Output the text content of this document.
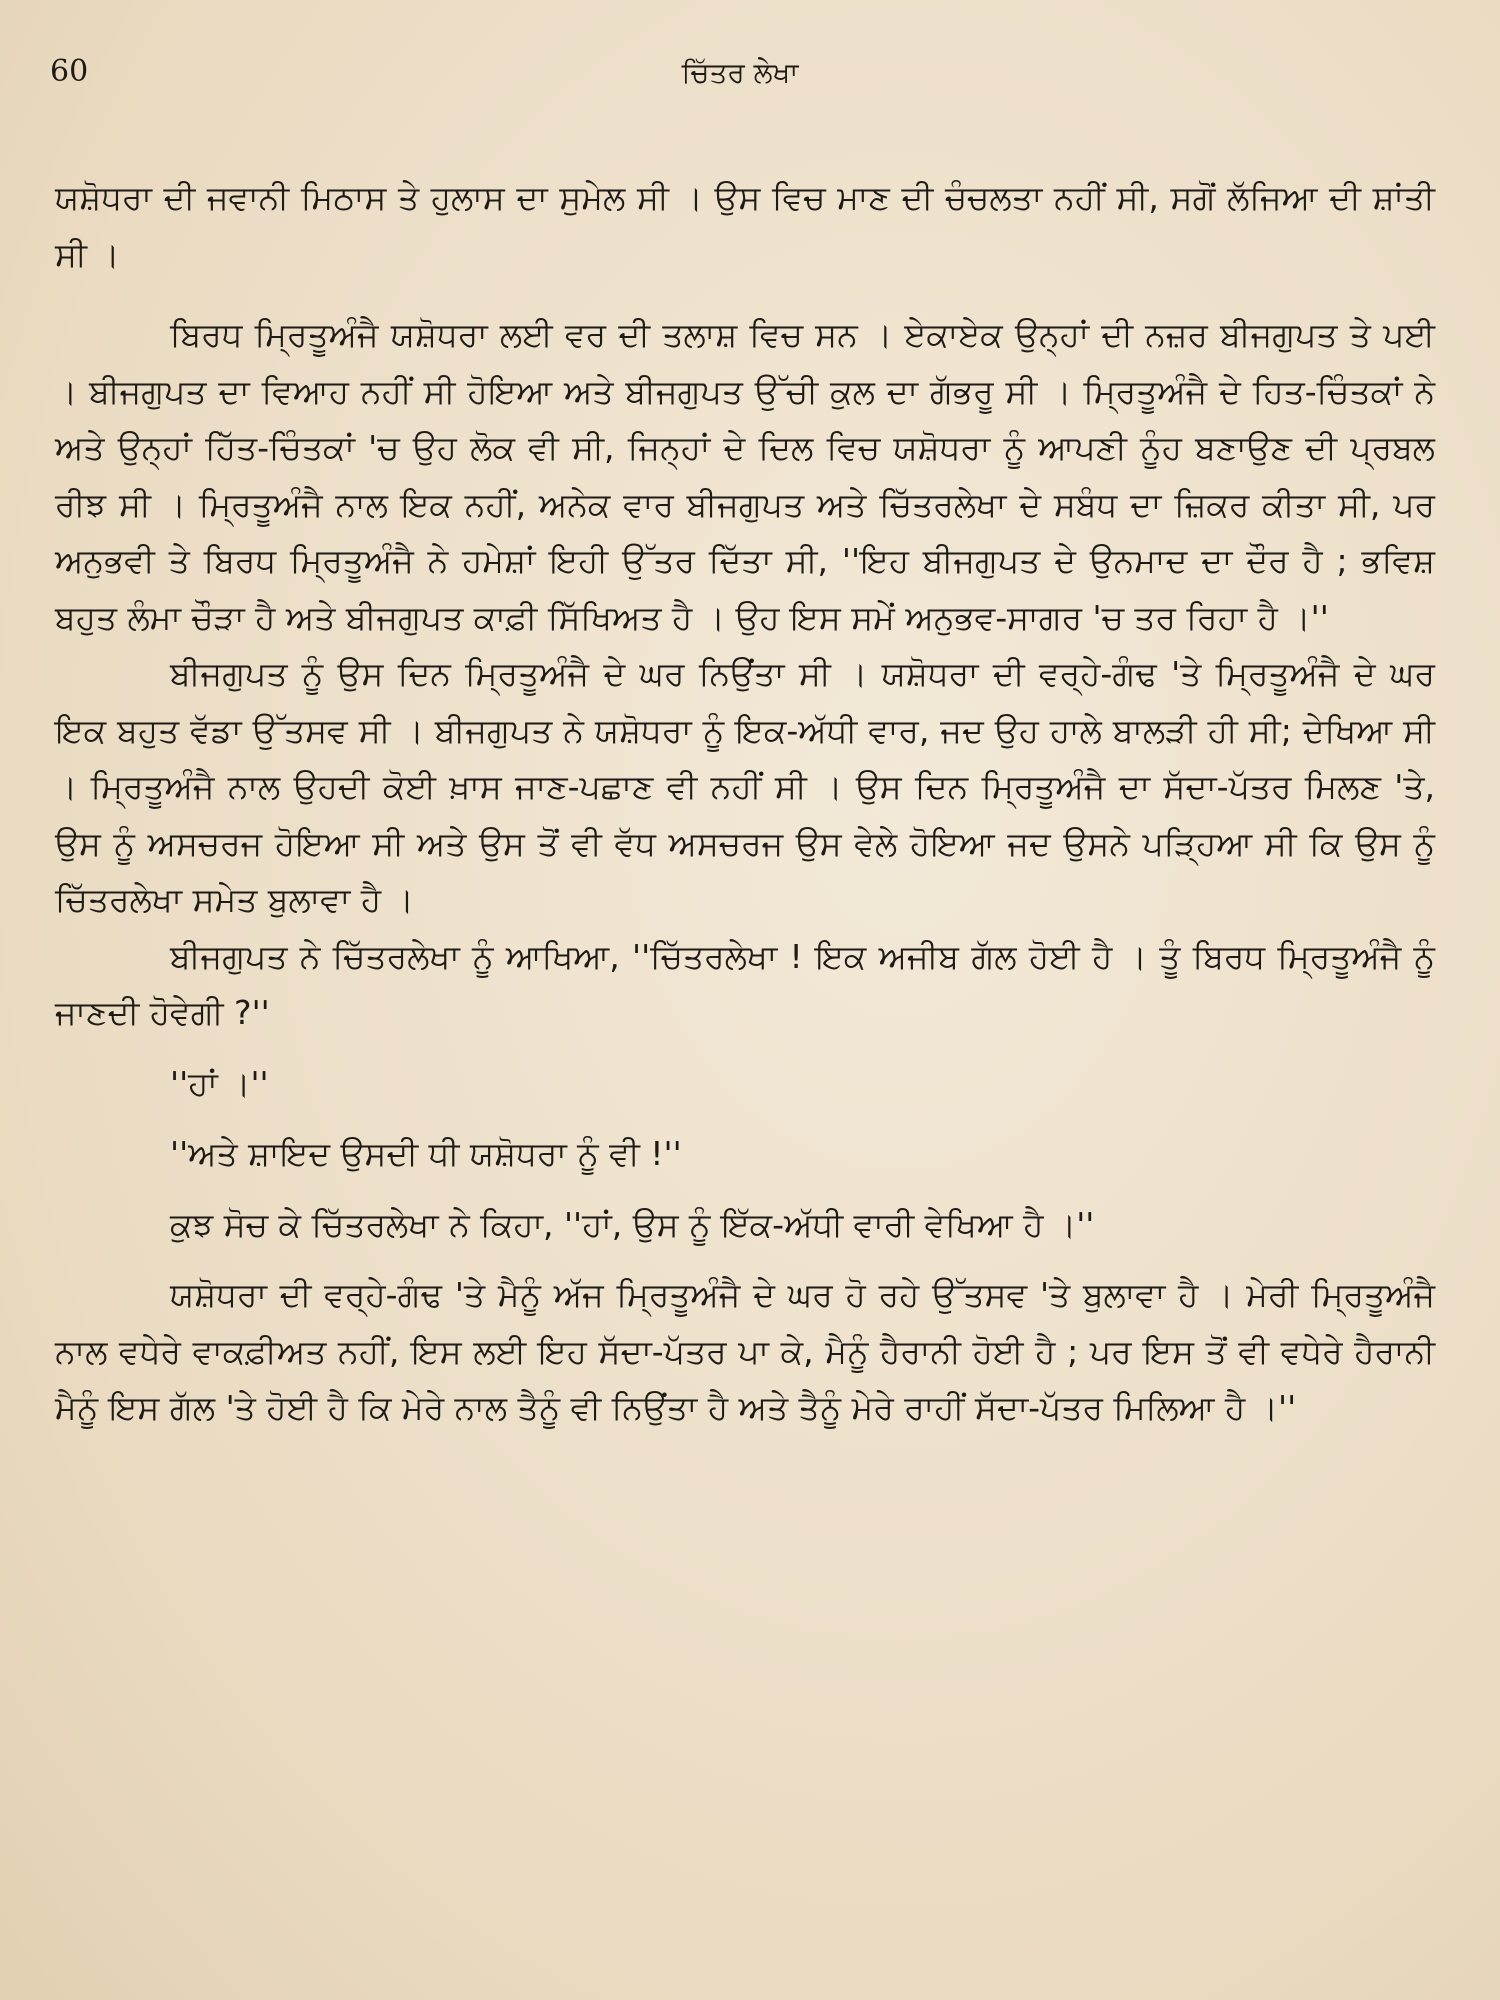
60	ਚਿੱਤਰ ਲੇਖਾ

ਯਸ਼ੋਧਰਾ ਦੀ ਜਵਾਨੀ ਮਿਠਾਸ ਤੇ ਹੁਲਾਸ ਦਾ ਸੁਮੇਲ ਸੀ । ਉਸ ਵਿਚ ਮਾਣ ਦੀ ਚੰਚਲਤਾ ਨਹੀਂ ਸੀ, ਸਗੋਂ ਲੱਜਿਆ ਦੀ ਸ਼ਾਂਤੀ ਸੀ ।

ਬਿਰਧ ਮ੍ਰਿਤੂਅੰਜੈ ਯਸ਼ੋਧਰਾ ਲਈ ਵਰ ਦੀ ਤਲਾਸ਼ ਵਿਚ ਸਨ । ਏਕਾਏਕ ਉਨ੍ਹਾਂ ਦੀ ਨਜ਼ਰ ਬੀਜਗੁਪਤ ਤੇ ਪਈ । ਬੀਜਗੁਪਤ ਦਾ ਵਿਆਹ ਨਹੀਂ ਸੀ ਹੋਇਆ ਅਤੇ ਬੀਜਗੁਪਤ ਉੱਚੀ ਕੁਲ ਦਾ ਗੱਭਰੂ ਸੀ । ਮ੍ਰਿਤੂਅੰਜੈ ਦੇ ਹਿਤ-ਚਿੰਤਕਾਂ ਨੇ ਅਤੇ ਉਨ੍ਹਾਂ ਹਿੱਤ-ਚਿੰਤਕਾਂ 'ਚ ਉਹ ਲੋਕ ਵੀ ਸੀ, ਜਿਨ੍ਹਾਂ ਦੇ ਦਿਲ ਵਿਚ ਯਸ਼ੋਧਰਾ ਨੂੰ ਆਪਣੀ ਨੂੰਹ ਬਣਾਉਣ ਦੀ ਪ੍ਰਬਲ ਰੀਝ ਸੀ । ਮ੍ਰਿਤੂਅੰਜੈ ਨਾਲ ਇਕ ਨਹੀਂ, ਅਨੇਕ ਵਾਰ ਬੀਜਗੁਪਤ ਅਤੇ ਚਿੱਤਰਲੇਖਾ ਦੇ ਸਬੰਧ ਦਾ ਜ਼ਿਕਰ ਕੀਤਾ ਸੀ, ਪਰ ਅਨੁਭਵੀ ਤੇ ਬਿਰਧ ਮ੍ਰਿਤੂਅੰਜੈ ਨੇ ਹਮੇਸ਼ਾਂ ਇਹੀ ਉੱਤਰ ਦਿੱਤਾ ਸੀ, ''ਇਹ ਬੀਜਗੁਪਤ ਦੇ ਉਨਮਾਦ ਦਾ ਦੌਰ ਹੈ ; ਭਵਿਸ਼ ਬਹੁਤ ਲੰਮਾ ਚੌੜਾ ਹੈ ਅਤੇ ਬੀਜਗੁਪਤ ਕਾਫ਼ੀ ਸਿੱਖਿਅਤ ਹੈ । ਉਹ ਇਸ ਸਮੇਂ ਅਨੁਭਵ-ਸਾਗਰ 'ਚ ਤਰ ਰਿਹਾ ਹੈ ।''

ਬੀਜਗੁਪਤ ਨੂੰ ਉਸ ਦਿਨ ਮ੍ਰਿਤੂਅੰਜੈ ਦੇ ਘਰ ਨਿਉਂਤਾ ਸੀ । ਯਸ਼ੋਧਰਾ ਦੀ ਵਰ੍ਹੇ-ਗੰਢ 'ਤੇ ਮ੍ਰਿਤੂਅੰਜੈ ਦੇ ਘਰ ਇਕ ਬਹੁਤ ਵੱਡਾ ਉੱਤਸਵ ਸੀ । ਬੀਜਗੁਪਤ ਨੇ ਯਸ਼ੋਧਰਾ ਨੂੰ ਇਕ-ਅੱਧੀ ਵਾਰ, ਜਦ ਉਹ ਹਾਲੇ ਬਾਲੜੀ ਹੀ ਸੀ; ਦੇਖਿਆ ਸੀ । ਮ੍ਰਿਤੂਅੰਜੈ ਨਾਲ ਉਹਦੀ ਕੋਈ ਖ਼ਾਸ ਜਾਣ-ਪਛਾਣ ਵੀ ਨਹੀਂ ਸੀ । ਉਸ ਦਿਨ ਮ੍ਰਿਤੂਅੰਜੈ ਦਾ ਸੱਦਾ-ਪੱਤਰ ਮਿਲਣ 'ਤੇ, ਉਸ ਨੂੰ ਅਸਚਰਜ ਹੋਇਆ ਸੀ ਅਤੇ ਉਸ ਤੋਂ ਵੀ ਵੱਧ ਅਸਚਰਜ ਉਸ ਵੇਲੇ ਹੋਇਆ ਜਦ ਉਸਨੇ ਪੜ੍ਹਿਆ ਸੀ ਕਿ ਉਸ ਨੂੰ ਚਿੱਤਰਲੇਖਾ ਸਮੇਤ ਬੁਲਾਵਾ ਹੈ ।

ਬੀਜਗੁਪਤ ਨੇ ਚਿੱਤਰਲੇਖਾ ਨੂੰ ਆਖਿਆ, ''ਚਿੱਤਰਲੇਖਾ ! ਇਕ ਅਜੀਬ ਗੱਲ ਹੋਈ ਹੈ । ਤੂੰ ਬਿਰਧ ਮ੍ਰਿਤੂਅੰਜੈ ਨੂੰ ਜਾਣਦੀ ਹੋਵੇਗੀ ?''

''ਹਾਂ ।''

''ਅਤੇ ਸ਼ਾਇਦ ਉਸਦੀ ਧੀ ਯਸ਼ੋਧਰਾ ਨੂੰ ਵੀ !''

ਕੁਝ ਸੋਚ ਕੇ ਚਿੱਤਰਲੇਖਾ ਨੇ ਕਿਹਾ, ''ਹਾਂ, ਉਸ ਨੂੰ ਇੱਕ-ਅੱਧੀ ਵਾਰੀ ਵੇਖਿਆ ਹੈ ।''

ਯਸ਼ੋਧਰਾ ਦੀ ਵਰ੍ਹੇ-ਗੰਢ 'ਤੇ ਮੈਨੂੰ ਅੱਜ ਮ੍ਰਿਤੂਅੰਜੈ ਦੇ ਘਰ ਹੋ ਰਹੇ ਉੱਤਸਵ 'ਤੇ ਬੁਲਾਵਾ ਹੈ । ਮੇਰੀ ਮ੍ਰਿਤੂਅੰਜੈ ਨਾਲ ਵਧੇਰੇ ਵਾਕਫ਼ੀਅਤ ਨਹੀਂ, ਇਸ ਲਈ ਇਹ ਸੱਦਾ-ਪੱਤਰ ਪਾ ਕੇ, ਮੈਨੂੰ ਹੈਰਾਨੀ ਹੋਈ ਹੈ ; ਪਰ ਇਸ ਤੋਂ ਵੀ ਵਧੇਰੇ ਹੈਰਾਨੀ ਮੈਨੂੰ ਇਸ ਗੱਲ 'ਤੇ ਹੋਈ ਹੈ ਕਿ ਮੇਰੇ ਨਾਲ ਤੈਨੂੰ ਵੀ ਨਿਉਂਤਾ ਹੈ ਅਤੇ ਤੈਨੂੰ ਮੇਰੇ ਰਾਹੀਂ ਸੱਦਾ-ਪੱਤਰ ਮਿਲਿਆ ਹੈ ।''
